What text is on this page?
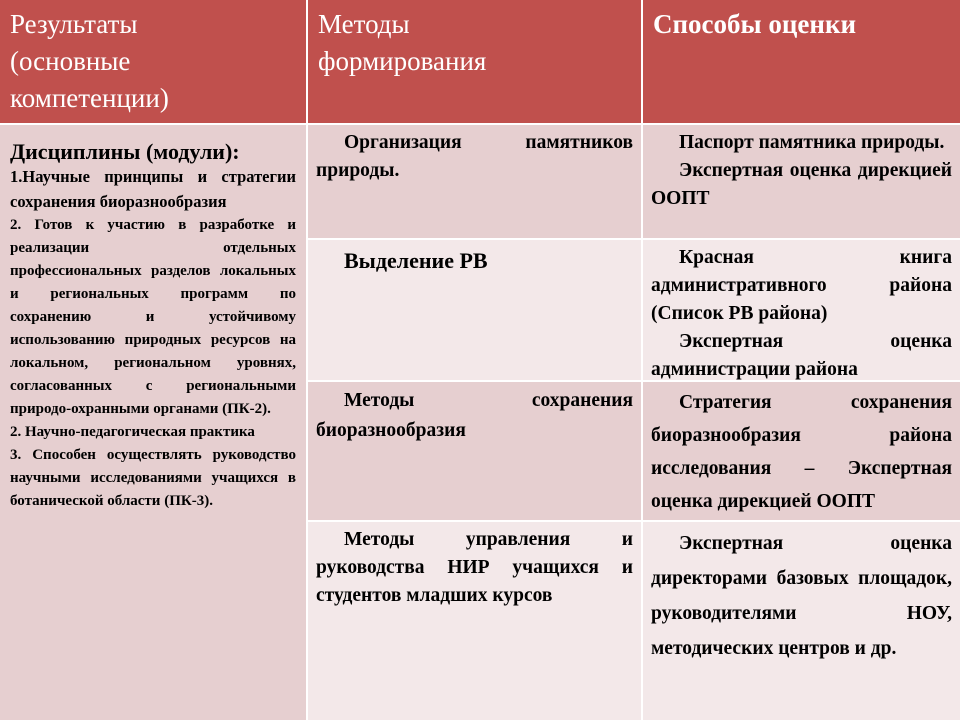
Результаты
(основные
компетенции)
Методы
формирования
Способы оценки

Дисциплины (модули):

1.Научные принципы и стратегии сохранения биоразнообразия

2. Готов к участию в разработке и реализации отдельных профессиональных разделов локальных и региональных программ по сохранению и устойчивому использованию природных ресурсов на локальном, региональном уровнях, согласованных с региональными природо-охранными органами (ПК-2).

2. Научно-педагогическая практика

3. Способен осуществлять руководство научными исследованиями учащихся в ботанической области (ПК-3).

Организация памятников природы.

Паспорт памятника природы.

Экспертная оценка дирекцией ООПТ

Выделение РВ	Красная книга административного района (Список РВ района)

Экспертная оценка администрации района

Методы сохранения биоразнообразия

Стратегия сохранения биоразнообразия района исследования – Экспертная оценка дирекцией ООПТ

Методы управления и руководства НИР учащихся и студентов младших курсов

Экспертная оценка директорами базовых площадок, руководителями НОУ, методических центров и др.
